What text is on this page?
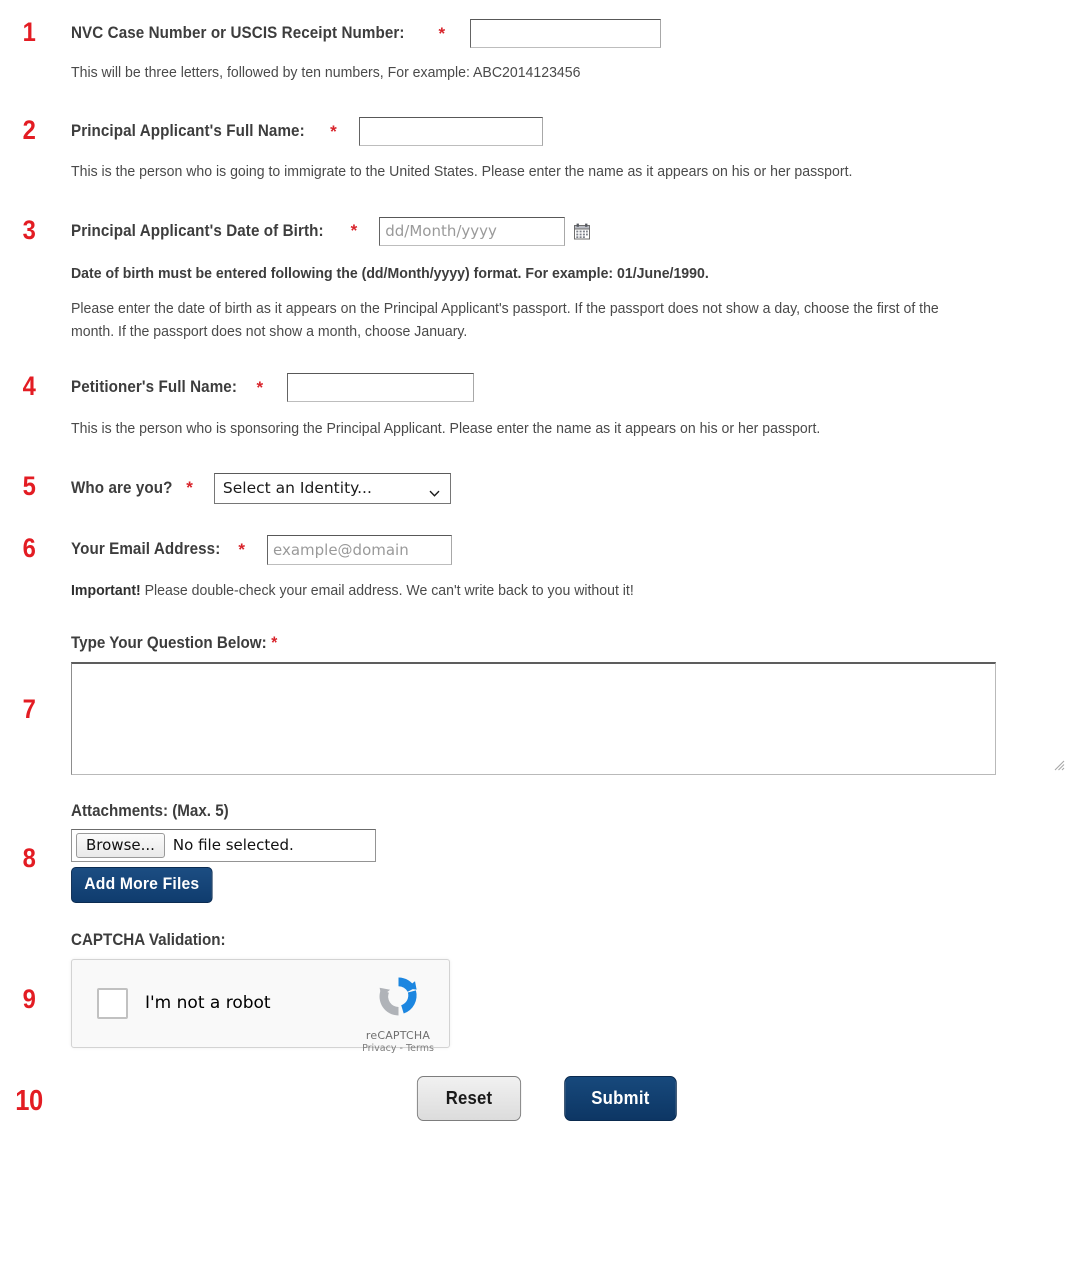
1	NVC Case Number or USCIS Receipt Number: *
This will be three letters, followed by ten numbers, For example: ABC2014123456
2	Principal Applicant's Full Name: *
This is the person who is going to immigrate to the United States. Please enter the name as it appears on his or her passport.
3	Principal Applicant's Date of Birth: *
dd/Month/yyyy
Date of birth must be entered following the (dd/Month/yyyy) format. For example: 01/June/1990.
Please enter the date of birth as it appears on the Principal Applicant's passport. If the passport does not show a day, choose the first of the month. If the passport does not show a month, choose January.
4	Petitioner's Full Name: *
This is the person who is sponsoring the Principal Applicant. Please enter the name as it appears on his or her passport.
5	Who are you? *
Select an Identity...
6	Your Email Address: *
example@domain
Important! Please double-check your email address. We can't write back to you without it!
Type Your Question Below: *
7
Attachments: (Max. 5)
8	Browse...	No file selected.
Add More Files
CAPTCHA Validation:
9	I'm not a robot
reCAPTCHA
Privacy - Terms
10	Reset	Submit
